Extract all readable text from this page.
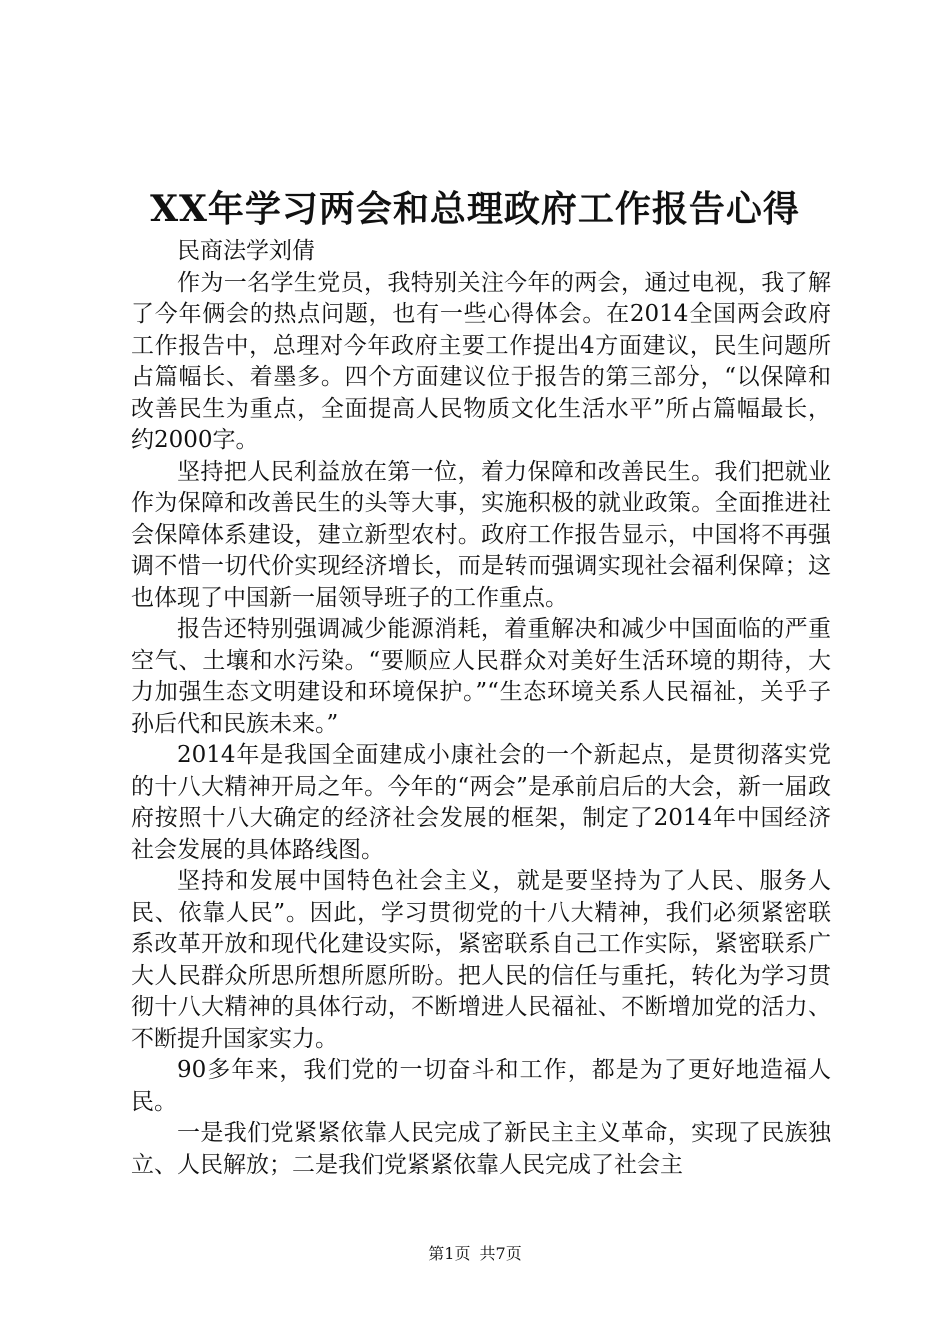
XX年学习两会和总理政府工作报告心得

民商法学刘倩

作为一名学生党员，我特别关注今年的两会，通过电视，我了解了今年俩会的热点问题，也有一些心得体会。在2014全国两会政府工作报告中，总理对今年政府主要工作提出4方面建议，民生问题所占篇幅长、着墨多。四个方面建议位于报告的第三部分，“以保障和改善民生为重点，全面提高人民物质文化生活水平”所占篇幅最长，约2000字。

坚持把人民利益放在第一位，着力保障和改善民生。我们把就业作为保障和改善民生的头等大事，实施积极的就业政策。全面推进社会保障体系建设，建立新型农村。政府工作报告显示，中国将不再强调不惜一切代价实现经济增长，而是转而强调实现社会福利保障；这也体现了中国新一届领导班子的工作重点。

报告还特别强调减少能源消耗，着重解决和减少中国面临的严重空气、土壤和水污染。“要顺应人民群众对美好生活环境的期待，大力加强生态文明建设和环境保护。”“生态环境关系人民福祉，关乎子孙后代和民族未来。”

2014年是我国全面建成小康社会的一个新起点，是贯彻落实党的十八大精神开局之年。今年的“两会”是承前启后的大会，新一届政府按照十八大确定的经济社会发展的框架，制定了2014年中国经济社会发展的具体路线图。

坚持和发展中国特色社会主义，就是要坚持为了人民、服务人民、依靠人民”。因此，学习贯彻党的十八大精神，我们必须紧密联系改革开放和现代化建设实际，紧密联系自己工作实际，紧密联系广大人民群众所思所想所愿所盼。把人民的信任与重托，转化为学习贯彻十八大精神的具体行动，不断增进人民福祉、不断增加党的活力、不断提升国家实力。

90多年来，我们党的一切奋斗和工作，都是为了更好地造福人民。

一是我们党紧紧依靠人民完成了新民主主义革命，实现了民族独立、人民解放；二是我们党紧紧依靠人民完成了社会主

第1页 共7页
